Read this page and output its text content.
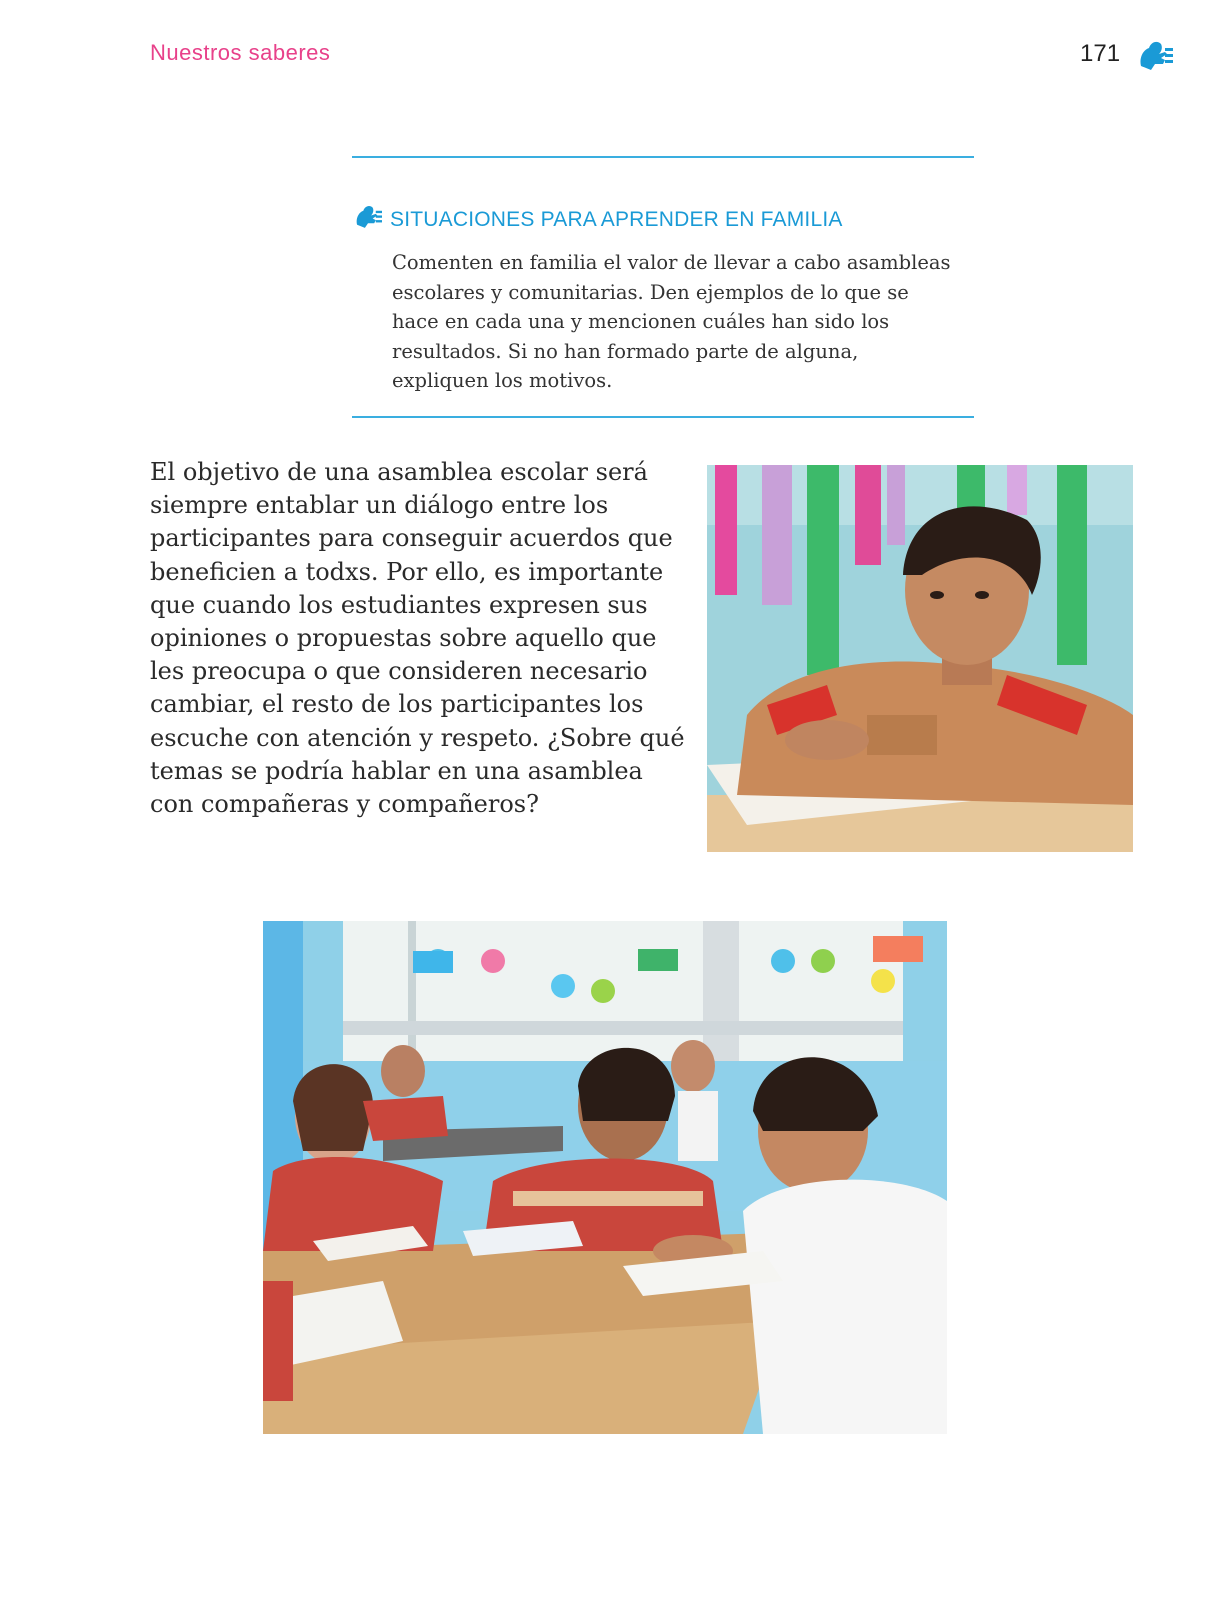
Nuestros saberes	171
SITUACIONES PARA APRENDER EN FAMILIA

Comenten en familia el valor de llevar a cabo asambleas escolares y comunitarias. Den ejemplos de lo que se hace en cada una y mencionen cuáles han sido los resultados. Si no han formado parte de alguna, expliquen los motivos.

El objetivo de una asamblea escolar será siempre entablar un diálogo entre los participantes para conseguir acuerdos que beneficien a todxs. Por ello, es importante que cuando los estudiantes expresen sus opiniones o propuestas sobre aquello que les preocupa o que consideren necesario cambiar, el resto de los participantes los escuche con atención y respeto. ¿Sobre qué temas se podría hablar en una asamblea con compañeras y compañeros?
